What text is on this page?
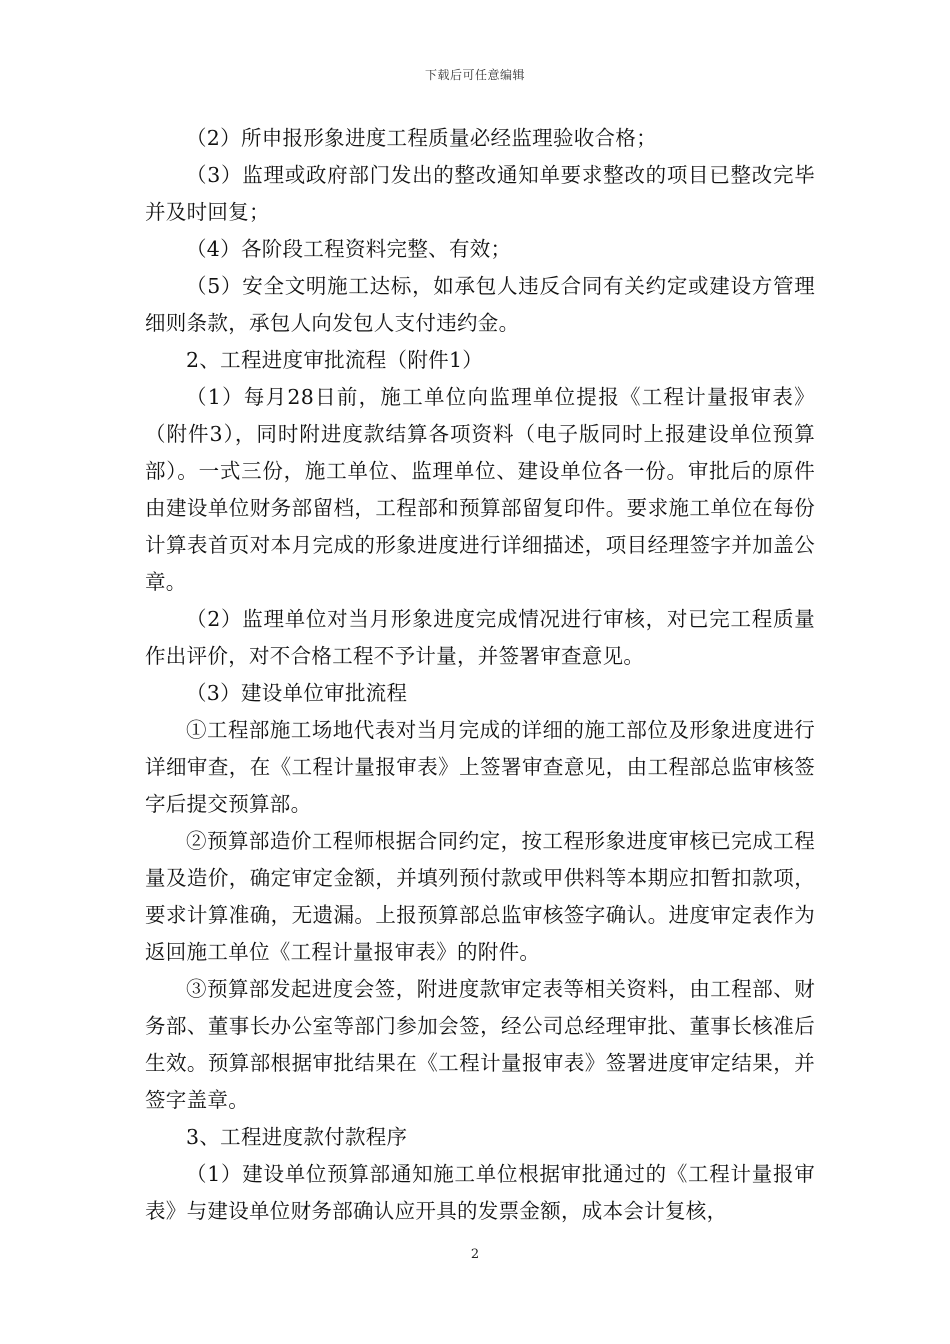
下载后可任意编辑

（2）所申报形象进度工程质量必经监理验收合格；

（3）监理或政府部门发出的整改通知单要求整改的项目已整改完毕并及时回复；

（4）各阶段工程资料完整、有效；

（5）安全文明施工达标，如承包人违反合同有关约定或建设方管理细则条款，承包人向发包人支付违约金。

2、工程进度审批流程（附件1）

（1）每月28日前，施工单位向监理单位提报《工程计量报审表》（附件3），同时附进度款结算各项资料（电子版同时上报建设单位预算部）。一式三份，施工单位、监理单位、建设单位各一份。审批后的原件由建设单位财务部留档，工程部和预算部留复印件。要求施工单位在每份计算表首页对本月完成的形象进度进行详细描述，项目经理签字并加盖公章。

（2）监理单位对当月形象进度完成情况进行审核，对已完工程质量作出评价，对不合格工程不予计量，并签署审查意见。

（3）建设单位审批流程

①工程部施工场地代表对当月完成的详细的施工部位及形象进度进行详细审查，在《工程计量报审表》上签署审查意见，由工程部总监审核签字后提交预算部。

②预算部造价工程师根据合同约定，按工程形象进度审核已完成工程量及造价，确定审定金额，并填列预付款或甲供料等本期应扣暂扣款项，要求计算准确，无遗漏。上报预算部总监审核签字确认。进度审定表作为返回施工单位《工程计量报审表》的附件。

③预算部发起进度会签，附进度款审定表等相关资料，由工程部、财务部、董事长办公室等部门参加会签，经公司总经理审批、董事长核准后生效。预算部根据审批结果在《工程计量报审表》签署进度审定结果，并签字盖章。

3、工程进度款付款程序

（1）建设单位预算部通知施工单位根据审批通过的《工程计量报审表》与建设单位财务部确认应开具的发票金额，成本会计复核，

2
